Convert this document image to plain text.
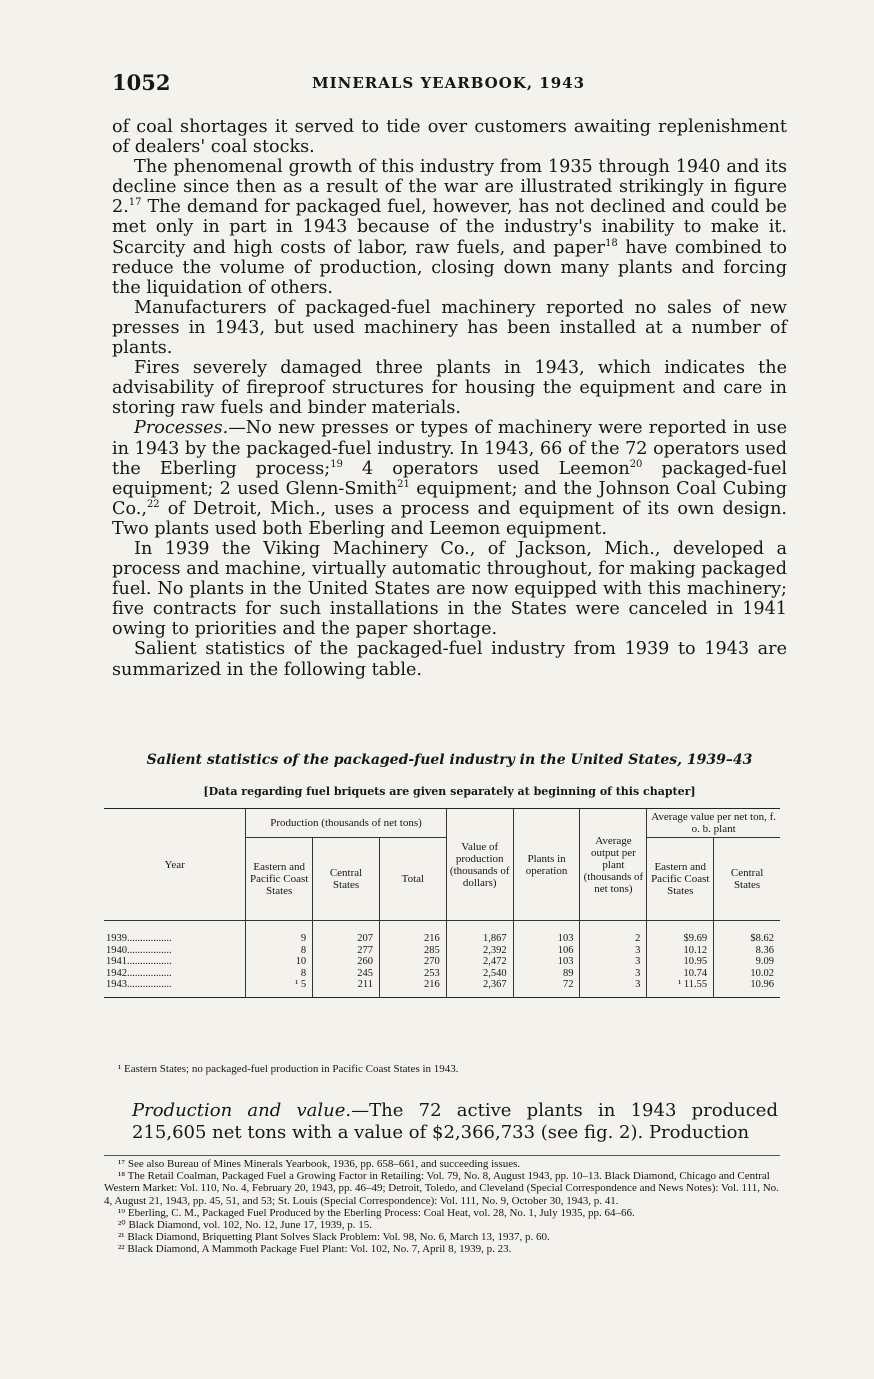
1052	MINERALS YEARBOOK, 1943

of coal shortages it served to tide over customers awaiting replenishment of dealers' coal stocks.

The phenomenal growth of this industry from 1935 through 1940 and its decline since then as a result of the war are illustrated strikingly in figure 2.17 The demand for packaged fuel, however, has not declined and could be met only in part in 1943 because of the industry's inability to make it. Scarcity and high costs of labor, raw fuels, and paper$^{18}$ have combined to reduce the volume of production, closing down many plants and forcing the liquidation of others.

Manufacturers of packaged-fuel machinery reported no sales of new presses in 1943, but used machinery has been installed at a number of plants.

Fires severely damaged three plants in 1943, which indicates the advisability of fireproof structures for housing the equipment and care in storing raw fuels and binder materials.

Processes.—No new presses or types of machinery were reported in use in 1943 by the packaged-fuel industry. In 1943, 66 of the 72 operators used the Eberling process;$^{19}$ 4 operators used Leemon$^{20}$ packaged-fuel equipment; 2 used Glenn-Smith$^{21}$ equipment; and the Johnson Coal Cubing Co.,$^{22}$ of Detroit, Mich., uses a process and equipment of its own design. Two plants used both Eberling and Leemon equipment.

In 1939 the Viking Machinery Co., of Jackson, Mich., developed a process and machine, virtually automatic throughout, for making packaged fuel. No plants in the United States are now equipped with this machinery; five contracts for such installations in the States were canceled in 1941 owing to priorities and the paper shortage.

Salient statistics of the packaged-fuel industry from 1939 to 1943 are summarized in the following table.

Salient statistics of the packaged-fuel industry in the United States, 1939–43
[Data regarding fuel briquets are given separately at beginning of this chapter]
Year	Production (thousands of net tons)			Value of production (thousands of dollars)	Plants in operation	Average output per plant (thousands of net tons)	Average value per net ton, f. o. b. plant	
	Eastern and Pacific Coast States	Central States	Total				Eastern and Pacific Coast States	Central States
1939.................	9	207	216	1,867	103	2	$9.69	$8.62
1940.................	8	277	285	2,392	106	3	10.12	8.36
1941.................	10	260	270	2,472	103	3	10.95	9.09
1942.................	8	245	253	2,540	89	3	10.74	10.02
1943.................	¹ 5	211	216	2,367	72	3	¹ 11.55	10.96
¹ Eastern States; no packaged-fuel production in Pacific Coast States in 1943.
Production and value.—The 72 active plants in 1943 produced 215,605 net tons with a value of $2,366,733 (see fig. 2). Production
¹⁷ See also Bureau of Mines Minerals Yearbook, 1936, pp. 658–661, and succeeding issues.
¹⁸ The Retail Coalman, Packaged Fuel a Growing Factor in Retailing: Vol. 79, No. 8, August 1943, pp. 10–13. Black Diamond, Chicago and Central Western Market: Vol. 110, No. 4, February 20, 1943, pp. 46–49; Detroit, Toledo, and Cleveland (Special Correspondence and News Notes): Vol. 111, No. 4, August 21, 1943, pp. 45, 51, and 53; St. Louis (Special Correspondence): Vol. 111, No. 9, October 30, 1943, p. 41.
¹⁹ Eberling, C. M., Packaged Fuel Produced by the Eberling Process: Coal Heat, vol. 28, No. 1, July 1935, pp. 64–66.
²⁰ Black Diamond, vol. 102, No. 12, June 17, 1939, p. 15.
²¹ Black Diamond, Briquetting Plant Solves Slack Problem: Vol. 98, No. 6, March 13, 1937, p. 60.
²² Black Diamond, A Mammoth Package Fuel Plant: Vol. 102, No. 7, April 8, 1939, p. 23.
